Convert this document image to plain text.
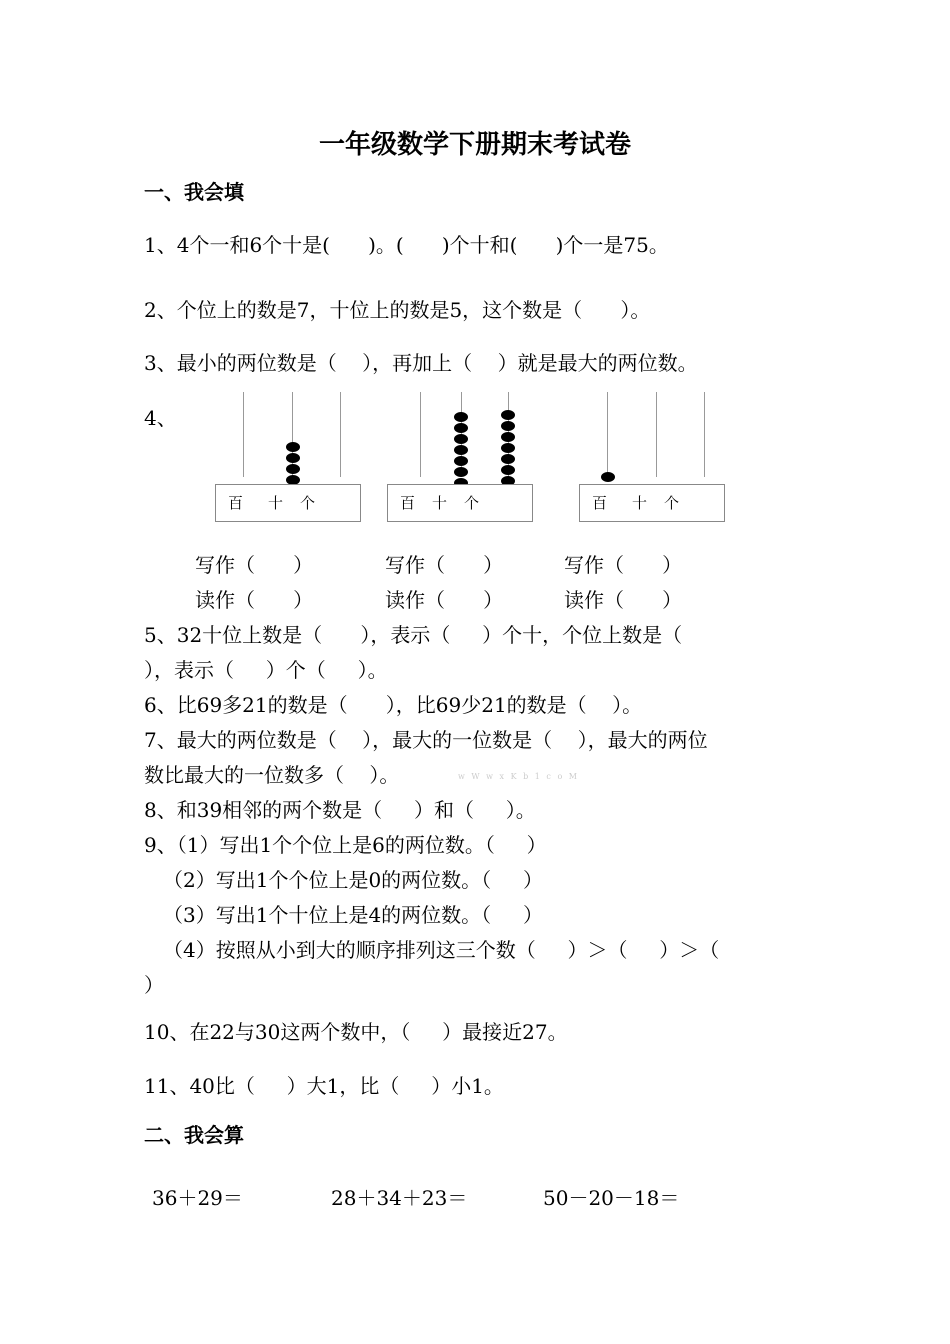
一年级数学下册期末考试卷
一、我会填
1、4个一和6个十是(      )。(      )个十和(      )个一是75。
2、个位上的数是7，十位上的数是5，这个数是（      ）。
3、最小的两位数是（    ），再加上（    ）就是最大的两位数。
4、
百 十 个	百 十 个	百 十 个
写作（      ）	写作（      ）	写作（      ）
读作（      ）	读作（      ）	读作（      ）
5、32十位上数是（      ），表示（     ）个十，个位上数是（
），表示（     ）个（     ）。
6、比69多21的数是（      ），比69少21的数是（    ）。
7、最大的两位数是（    ），最大的一位数是（    ），最大的两位
数比最大的一位数多（    ）。	w W w x K b 1 c o M
8、和39相邻的两个数是（     ）和（     ）。
9、（1）写出1个个位上是6的两位数。（     ）
（2）写出1个个位上是0的两位数。（     ）
（3）写出1个十位上是4的两位数。（     ）
（4）按照从小到大的顺序排列这三个数（     ）＞（     ）＞（
）
10、在22与30这两个数中，（     ）最接近27。
11、40比（     ）大1，比（     ）小1。
二、我会算
36＋29＝	28＋34＋23＝	50－20－18＝
